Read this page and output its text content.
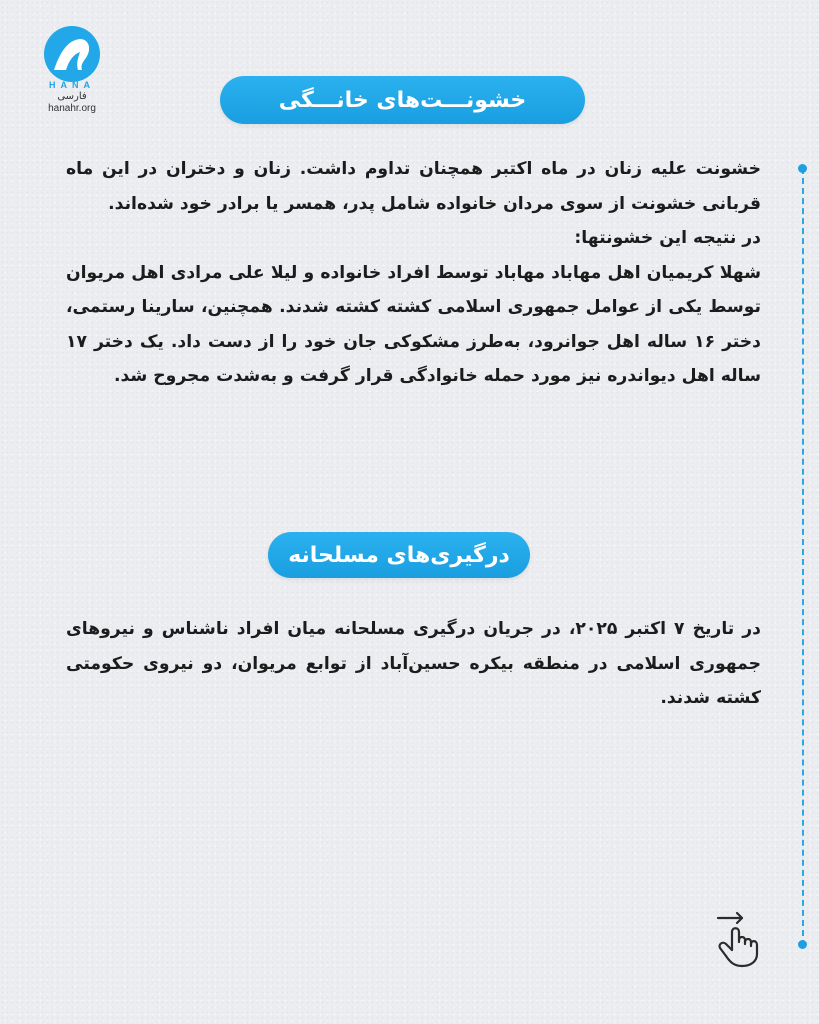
HANA
فارسی
hanahr.org	خشونـــت‌های خانـــگی

خشونت علیه زنان در ماه اکتبر همچنان تداوم داشت. زنان و دختران در این ماه قربانی خشونت از سوی مردان خانواده شامل پدر، همسر یا برادر خود شده‌اند.

در نتیجه این خشونتها:

شهلا کریمیان اهل مهاباد مهاباد توسط افراد خانواده و لیلا علی مرادی اهل مریوان توسط یکی از عوامل جمهوری اسلامی کشته کشته شدند. همچنین، سارینا رستمی، دختر ۱۶ ساله اهل جوانرود، به‌طرز مشکوکی جان خود را از دست داد. یک دختر ۱۷ ساله اهل دیواندره نیز مورد حمله خانوادگی قرار گرفت و به‌شدت مجروح شد.

درگیری‌های مسلحانه

در تاریخ ۷ اکتبر ۲۰۲۵، در جریان درگیری مسلحانه میان افراد ناشناس و نیروهای جمهوری اسلامی در منطقه بیکره حسین‌آباد از توابع مریوان، دو نیروی حکومتی کشته شدند.
